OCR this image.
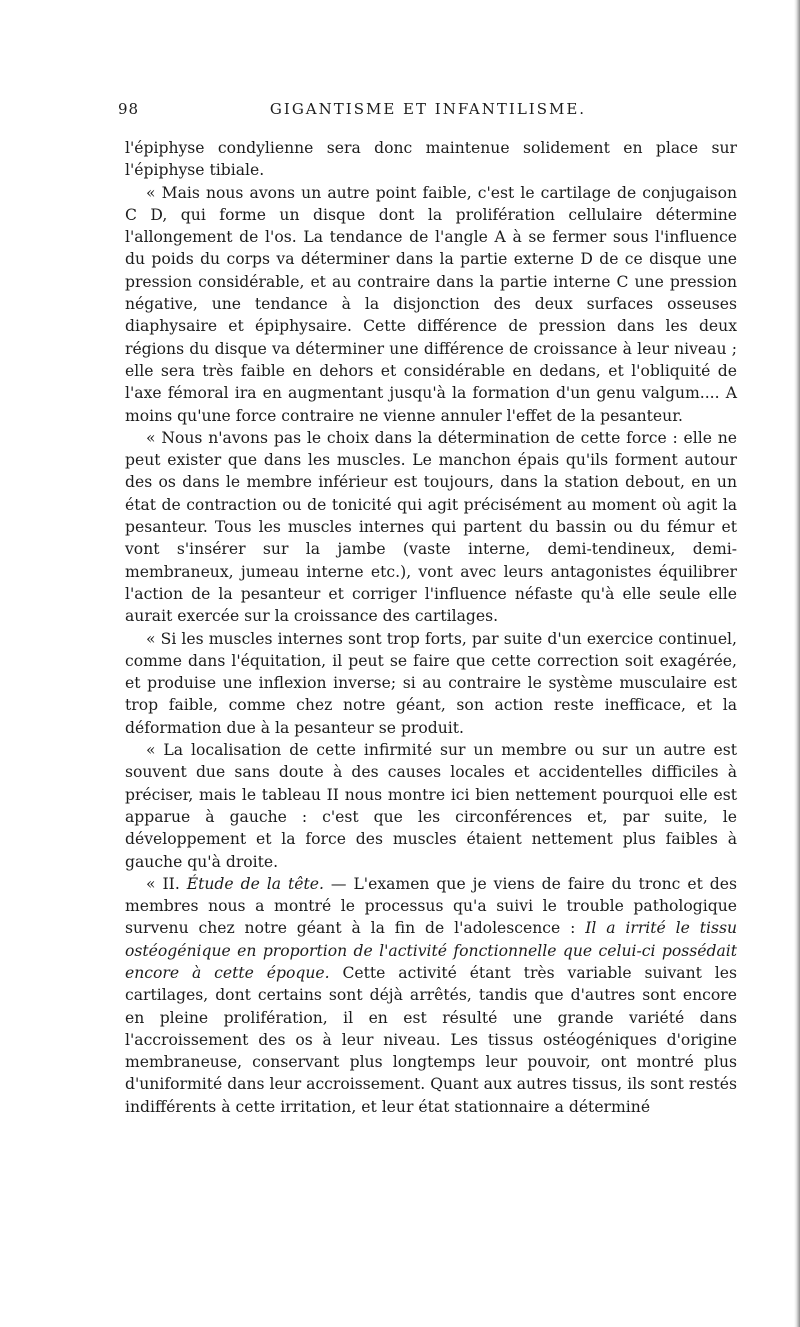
98	GIGANTISME ET INFANTILISME.

l'épiphyse condylienne sera donc maintenue solidement en place sur l'épiphyse tibiale.

« Mais nous avons un autre point faible, c'est le cartilage de conjugaison C D, qui forme un disque dont la prolifération cellulaire détermine l'allongement de l'os. La tendance de l'angle A à se fermer sous l'influence du poids du corps va déterminer dans la partie externe D de ce disque une pression considérable, et au contraire dans la partie interne C une pression négative, une tendance à la disjonction des deux surfaces osseuses diaphysaire et épiphysaire. Cette différence de pression dans les deux régions du disque va déterminer une différence de croissance à leur niveau ; elle sera très faible en dehors et considérable en dedans, et l'obliquité de l'axe fémoral ira en augmentant jusqu'à la formation d'un genu valgum.... A moins qu'une force contraire ne vienne annuler l'effet de la pesanteur.

« Nous n'avons pas le choix dans la détermination de cette force : elle ne peut exister que dans les muscles. Le manchon épais qu'ils forment autour des os dans le membre inférieur est toujours, dans la station debout, en un état de contraction ou de tonicité qui agit précisément au moment où agit la pesanteur. Tous les muscles internes qui partent du bassin ou du fémur et vont s'insérer sur la jambe (vaste interne, demi-tendineux, demi-membraneux, jumeau interne etc.), vont avec leurs antagonistes équilibrer l'action de la pesanteur et corriger l'influence néfaste qu'à elle seule elle aurait exercée sur la croissance des cartilages.

« Si les muscles internes sont trop forts, par suite d'un exercice continuel, comme dans l'équitation, il peut se faire que cette correction soit exagérée, et produise une inflexion inverse; si au contraire le système musculaire est trop faible, comme chez notre géant, son action reste inefficace, et la déformation due à la pesanteur se produit.

« La localisation de cette infirmité sur un membre ou sur un autre est souvent due sans doute à des causes locales et accidentelles difficiles à préciser, mais le tableau II nous montre ici bien nettement pourquoi elle est apparue à gauche : c'est que les circonférences et, par suite, le développement et la force des muscles étaient nettement plus faibles à gauche qu'à droite.

« II. Étude de la tête. — L'examen que je viens de faire du tronc et des membres nous a montré le processus qu'a suivi le trouble pathologique survenu chez notre géant à la fin de l'adolescence : Il a irrité le tissu ostéogénique en proportion de l'activité fonctionnelle que celui-ci possédait encore à cette époque. Cette activité étant très variable suivant les cartilages, dont certains sont déjà arrêtés, tandis que d'autres sont encore en pleine prolifération, il en est résulté une grande variété dans l'accroissement des os à leur niveau. Les tissus ostéogéniques d'origine membraneuse, conservant plus longtemps leur pouvoir, ont montré plus d'uniformité dans leur accroissement. Quant aux autres tissus, ils sont restés indifférents à cette irritation, et leur état stationnaire a déterminé
